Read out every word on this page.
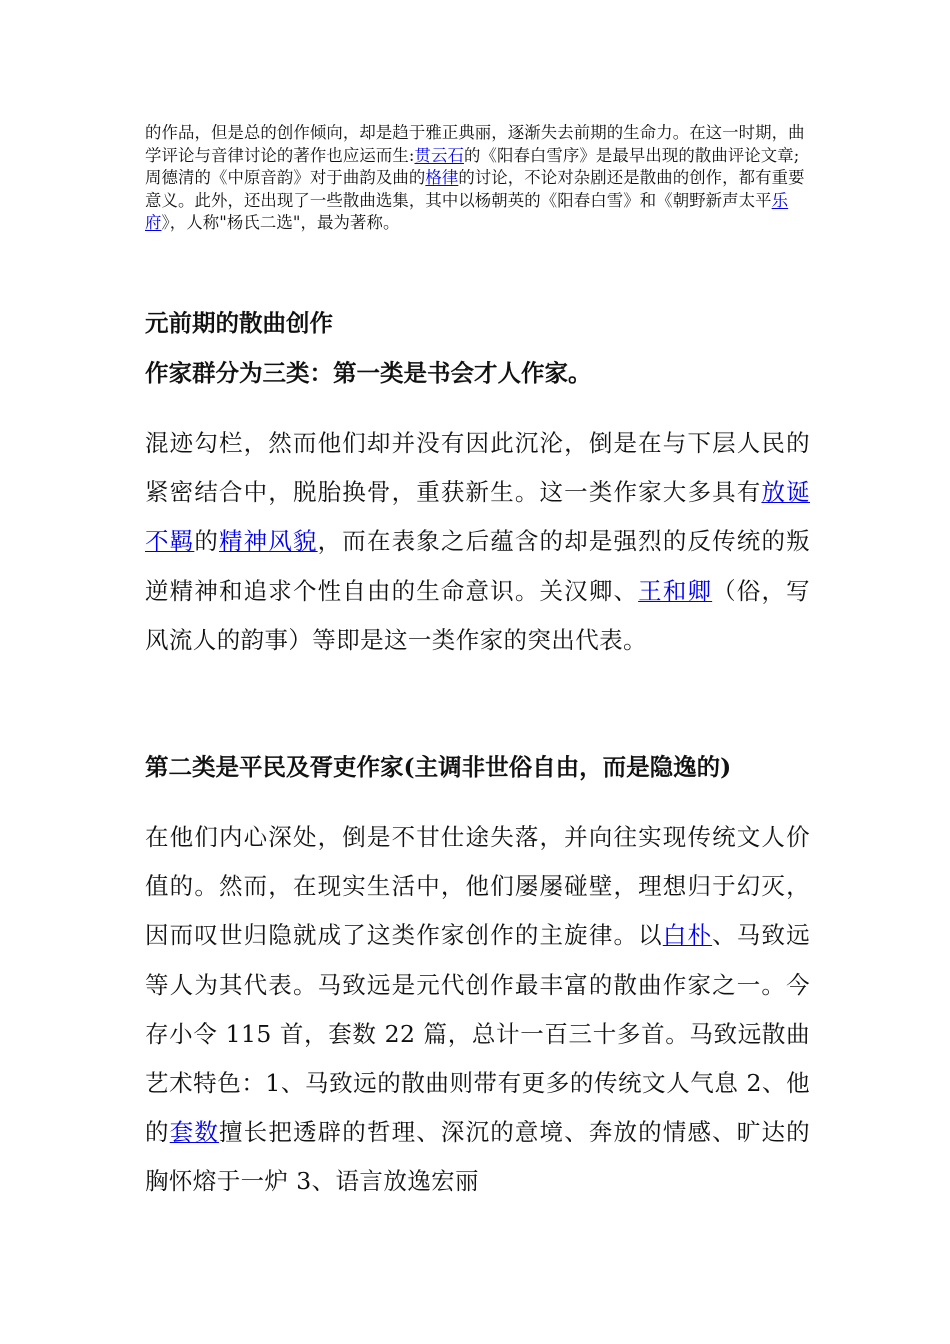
的作品，但是总的创作倾向，却是趋于雅正典丽，逐渐失去前期的生命力。在这一时期，曲学评论与音律讨论的著作也应运而生:贯云石的《阳春白雪序》是最早出现的散曲评论文章;周德清的《中原音韵》对于曲韵及曲的格律的讨论，不论对杂剧还是散曲的创作，都有重要意义。此外，还出现了一些散曲选集，其中以杨朝英的《阳春白雪》和《朝野新声太平乐府》，人称"杨氏二选"，最为著称。

元前期的散曲创作
作家群分为三类：第一类是书会才人作家。

混迹勾栏，然而他们却并没有因此沉沦，倒是在与下层人民的紧密结合中，脱胎换骨，重获新生。这一类作家大多具有放诞不羁的精神风貌，而在表象之后蕴含的却是强烈的反传统的叛逆精神和追求个性自由的生命意识。关汉卿、王和卿（俗，写风流人的韵事）等即是这一类作家的突出代表。

第二类是平民及胥吏作家(主调非世俗自由，而是隐逸的)

在他们内心深处，倒是不甘仕途失落，并向往实现传统文人价值的。然而，在现实生活中，他们屡屡碰壁，理想归于幻灭，因而叹世归隐就成了这类作家创作的主旋律。以白朴、马致远等人为其代表。马致远是元代创作最丰富的散曲作家之一。今存小令 115 首，套数 22 篇，总计一百三十多首。马致远散曲艺术特色：1、马致远的散曲则带有更多的传统文人气息 2、他的套数擅长把透辟的哲理、深沉的意境、奔放的情感、旷达的胸怀熔于一炉 3、语言放逸宏丽
